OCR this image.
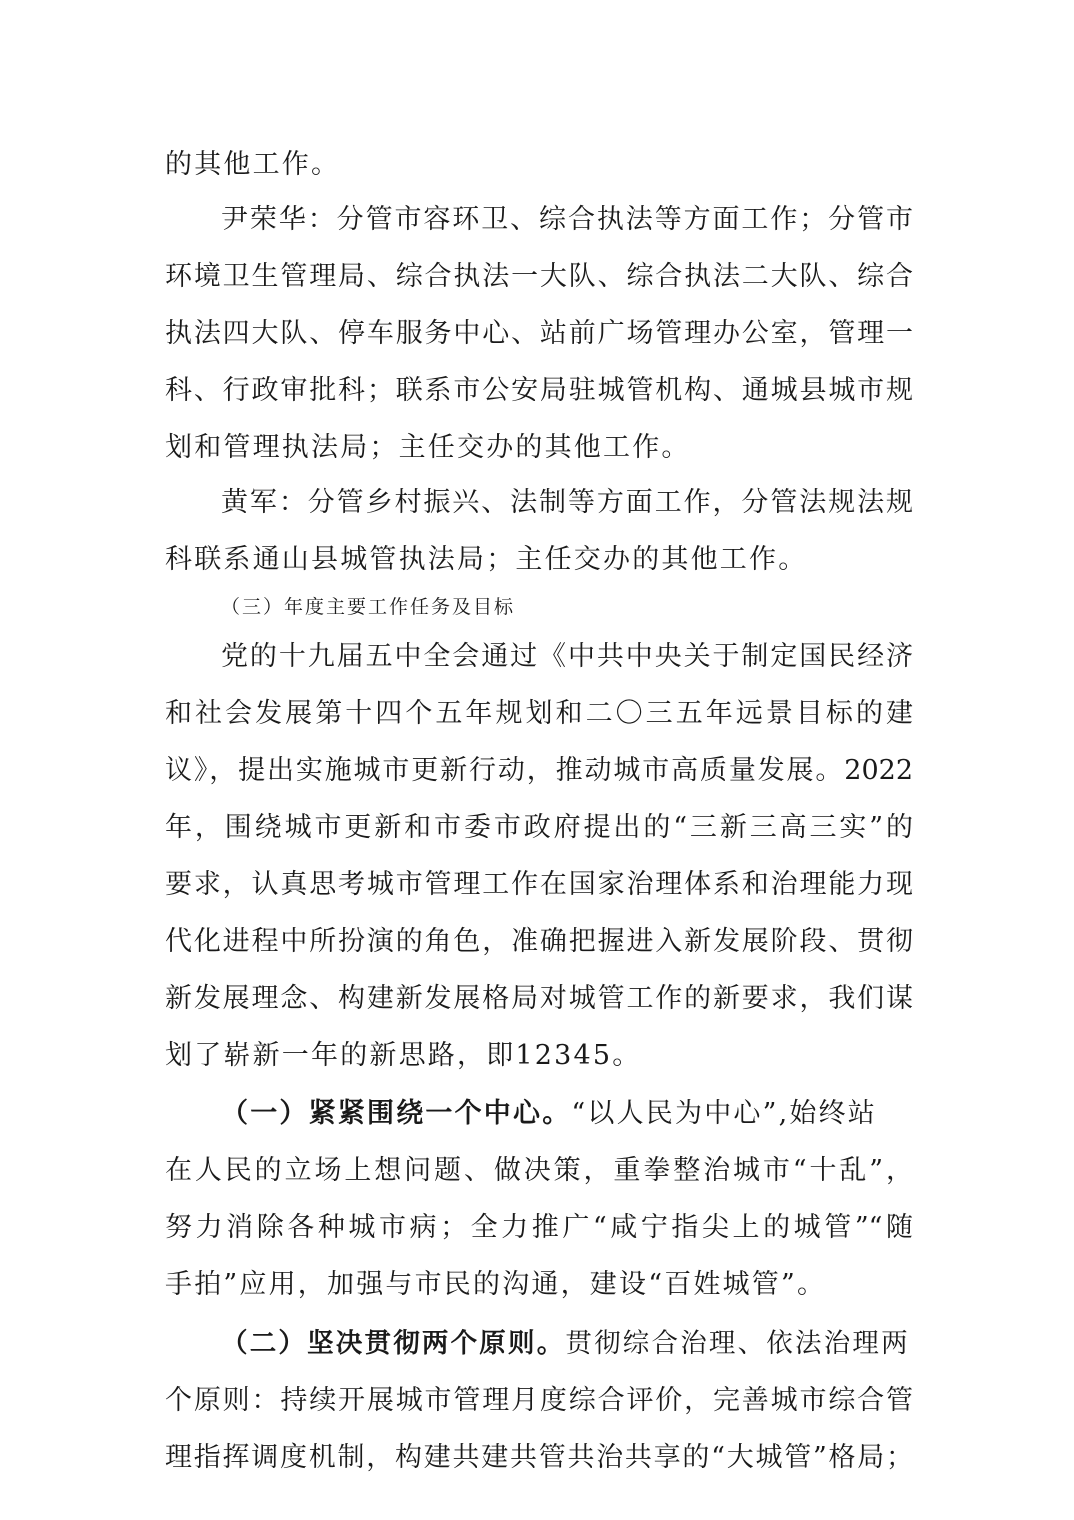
的其他工作。
尹荣华：分管市容环卫、综合执法等方面工作；分管市
环境卫生管理局、综合执法一大队、综合执法二大队、综合
执法四大队、停车服务中心、站前广场管理办公室，管理一
科、行政审批科；联系市公安局驻城管机构、通城县城市规
划和管理执法局；主任交办的其他工作。
黄军：分管乡村振兴、法制等方面工作，分管法规法规
科联系通山县城管执法局；主任交办的其他工作。
（三）年度主要工作任务及目标
党的十九届五中全会通过《中共中央关于制定国民经济
和社会发展第十四个五年规划和二〇三五年远景目标的建
议》，提出实施城市更新行动，推动城市高质量发展。2022
年，围绕城市更新和市委市政府提出的“三新三高三实”的
要求，认真思考城市管理工作在国家治理体系和治理能力现
代化进程中所扮演的角色，准确把握进入新发展阶段、贯彻
新发展理念、构建新发展格局对城管工作的新要求，我们谋
划了崭新一年的新思路，即12345。
（一）紧紧围绕一个中心。“以人民为中心”,始终站
在人民的立场上想问题、做决策，重拳整治城市“十乱”，
努力消除各种城市病；全力推广“咸宁指尖上的城管”“随
手拍”应用，加强与市民的沟通，建设“百姓城管”。
（二）坚决贯彻两个原则。贯彻综合治理、依法治理两
个原则：持续开展城市管理月度综合评价，完善城市综合管
理指挥调度机制，构建共建共管共治共享的“大城管”格局；
